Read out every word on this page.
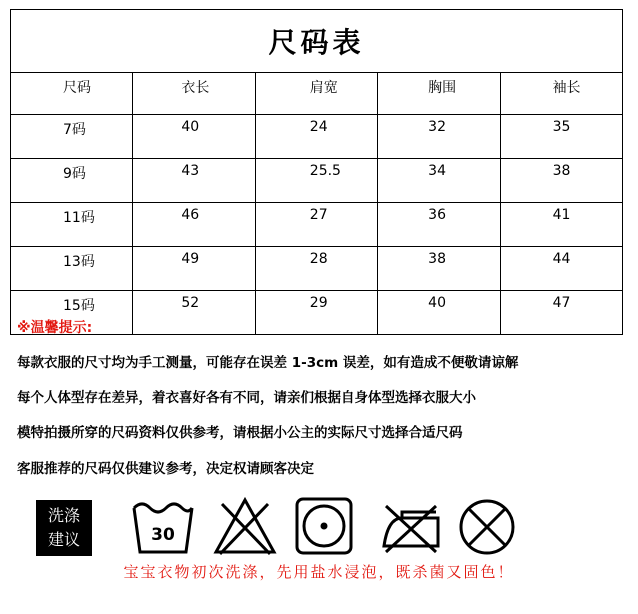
尺码表				
尺码	衣长	肩宽	胸围	袖长
7码	40	24	32	35
9码	43	25.5	34	38
11码	46	27	36	41
13码	49	28	38	44
15码	52	29	40	47
※温馨提示:
每款衣服的尺寸均为手工测量，可能存在误差 1-3cm 误差，如有造成不便敬请谅解
每个人体型存在差异，着衣喜好各有不同，请亲们根据自身体型选择衣服大小
模特拍摄所穿的尺码资料仅供参考，请根据小公主的实际尺寸选择合适尺码
客服推荐的尺码仅供建议参考，决定权请顾客决定
洗涤
建议	30
宝宝衣物初次洗涤，先用盐水浸泡，既杀菌又固色！
